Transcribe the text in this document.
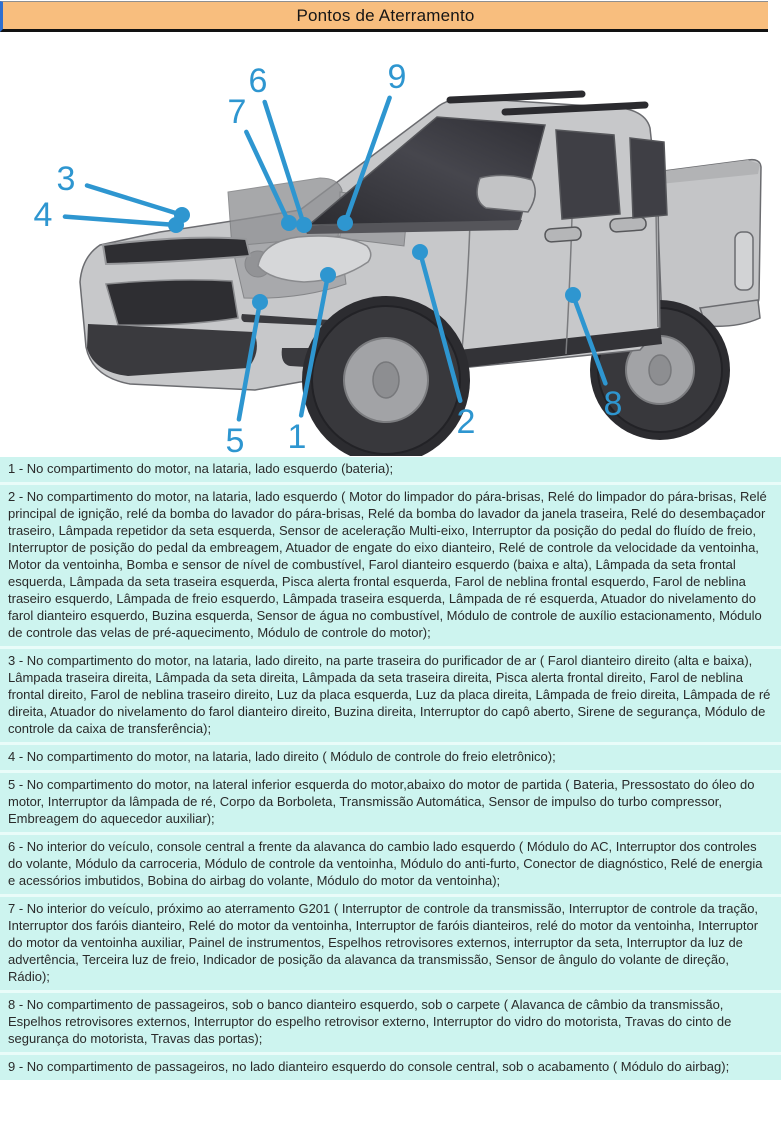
Pontos de Aterramento
1	2
3
4
5
6
7
8
9
1 - No compartimento do motor, na lataria, lado esquerdo (bateria);
2 - No compartimento do motor, na lataria, lado esquerdo ( Motor do limpador do pára-brisas, Relé do limpador do pára-brisas, Relé principal de ignição, relé da bomba do lavador do pára-brisas, Relé da bomba do lavador da janela traseira, Relé do desembaçador traseiro, Lâmpada repetidor da seta esquerda, Sensor de aceleração Multi-eixo, Interruptor da posição do pedal do fluído de freio, Interruptor de posição do pedal da embreagem, Atuador de engate do eixo dianteiro, Relé de controle da velocidade da ventoinha, Motor da ventoinha, Bomba e sensor de nível de combustível, Farol dianteiro esquerdo (baixa e alta), Lâmpada da seta frontal esquerda, Lâmpada da seta traseira esquerda, Pisca alerta frontal esquerda, Farol de neblina frontal esquerdo, Farol de neblina traseiro esquerdo, Lâmpada de freio esquerdo, Lâmpada traseira esquerda, Lâmpada de ré esquerda, Atuador do nivelamento do farol dianteiro esquerdo, Buzina esquerda, Sensor de água no combustível, Módulo de controle de auxílio estacionamento, Módulo de controle das velas de pré-aquecimento, Módulo de controle do motor);
3 - No compartimento do motor, na lataria, lado direito, na parte traseira do purificador de ar ( Farol dianteiro direito (alta e baixa), Lâmpada traseira direita, Lâmpada da seta direita, Lâmpada da seta traseira direita, Pisca alerta frontal direito, Farol de neblina frontal direito, Farol de neblina traseiro direito, Luz da placa esquerda, Luz da placa direita, Lâmpada de freio direita, Lâmpada de ré direita, Atuador do nivelamento do farol dianteiro direito, Buzina direita, Interruptor do capô aberto, Sirene de segurança, Módulo de controle da caixa de transferência);
4 - No compartimento do motor, na lataria, lado direito ( Módulo de controle do freio eletrônico);
5 - No compartimento do motor, na lateral inferior esquerda do motor,abaixo do motor de partida ( Bateria, Pressostato do óleo do motor, Interruptor da lâmpada de ré, Corpo da Borboleta, Transmissão Automática, Sensor de impulso do turbo compressor, Embreagem do aquecedor auxiliar);
6 - No interior do veículo, console central a frente da alavanca do cambio lado esquerdo ( Módulo do AC, Interruptor dos controles do volante, Módulo da carroceria, Módulo de controle da ventoinha, Módulo do anti-furto, Conector de diagnóstico, Relé de energia e acessórios imbutidos, Bobina do airbag do volante, Módulo do motor da ventoinha);
7 - No interior do veículo, próximo ao aterramento G201 ( Interruptor de controle da transmissão, Interruptor de controle da tração, Interruptor dos faróis dianteiro, Relé do motor da ventoinha, Interruptor de faróis dianteiros, relé do motor da ventoinha, Interruptor do motor da ventoinha auxiliar, Painel de instrumentos, Espelhos retrovisores externos, interruptor da seta, Interruptor da luz de advertência, Terceira luz de freio, Indicador de posição da alavanca da transmissão, Sensor de ângulo do volante de direção, Rádio);
8 - No compartimento de passageiros, sob o banco dianteiro esquerdo, sob o carpete ( Alavanca de câmbio da transmissão, Espelhos retrovisores externos, Interruptor do espelho retrovisor externo, Interruptor do vidro do motorista, Travas do cinto de segurança do motorista, Travas das portas);
9 - No compartimento de passageiros, no lado dianteiro esquerdo do console central, sob o acabamento ( Módulo do airbag);
